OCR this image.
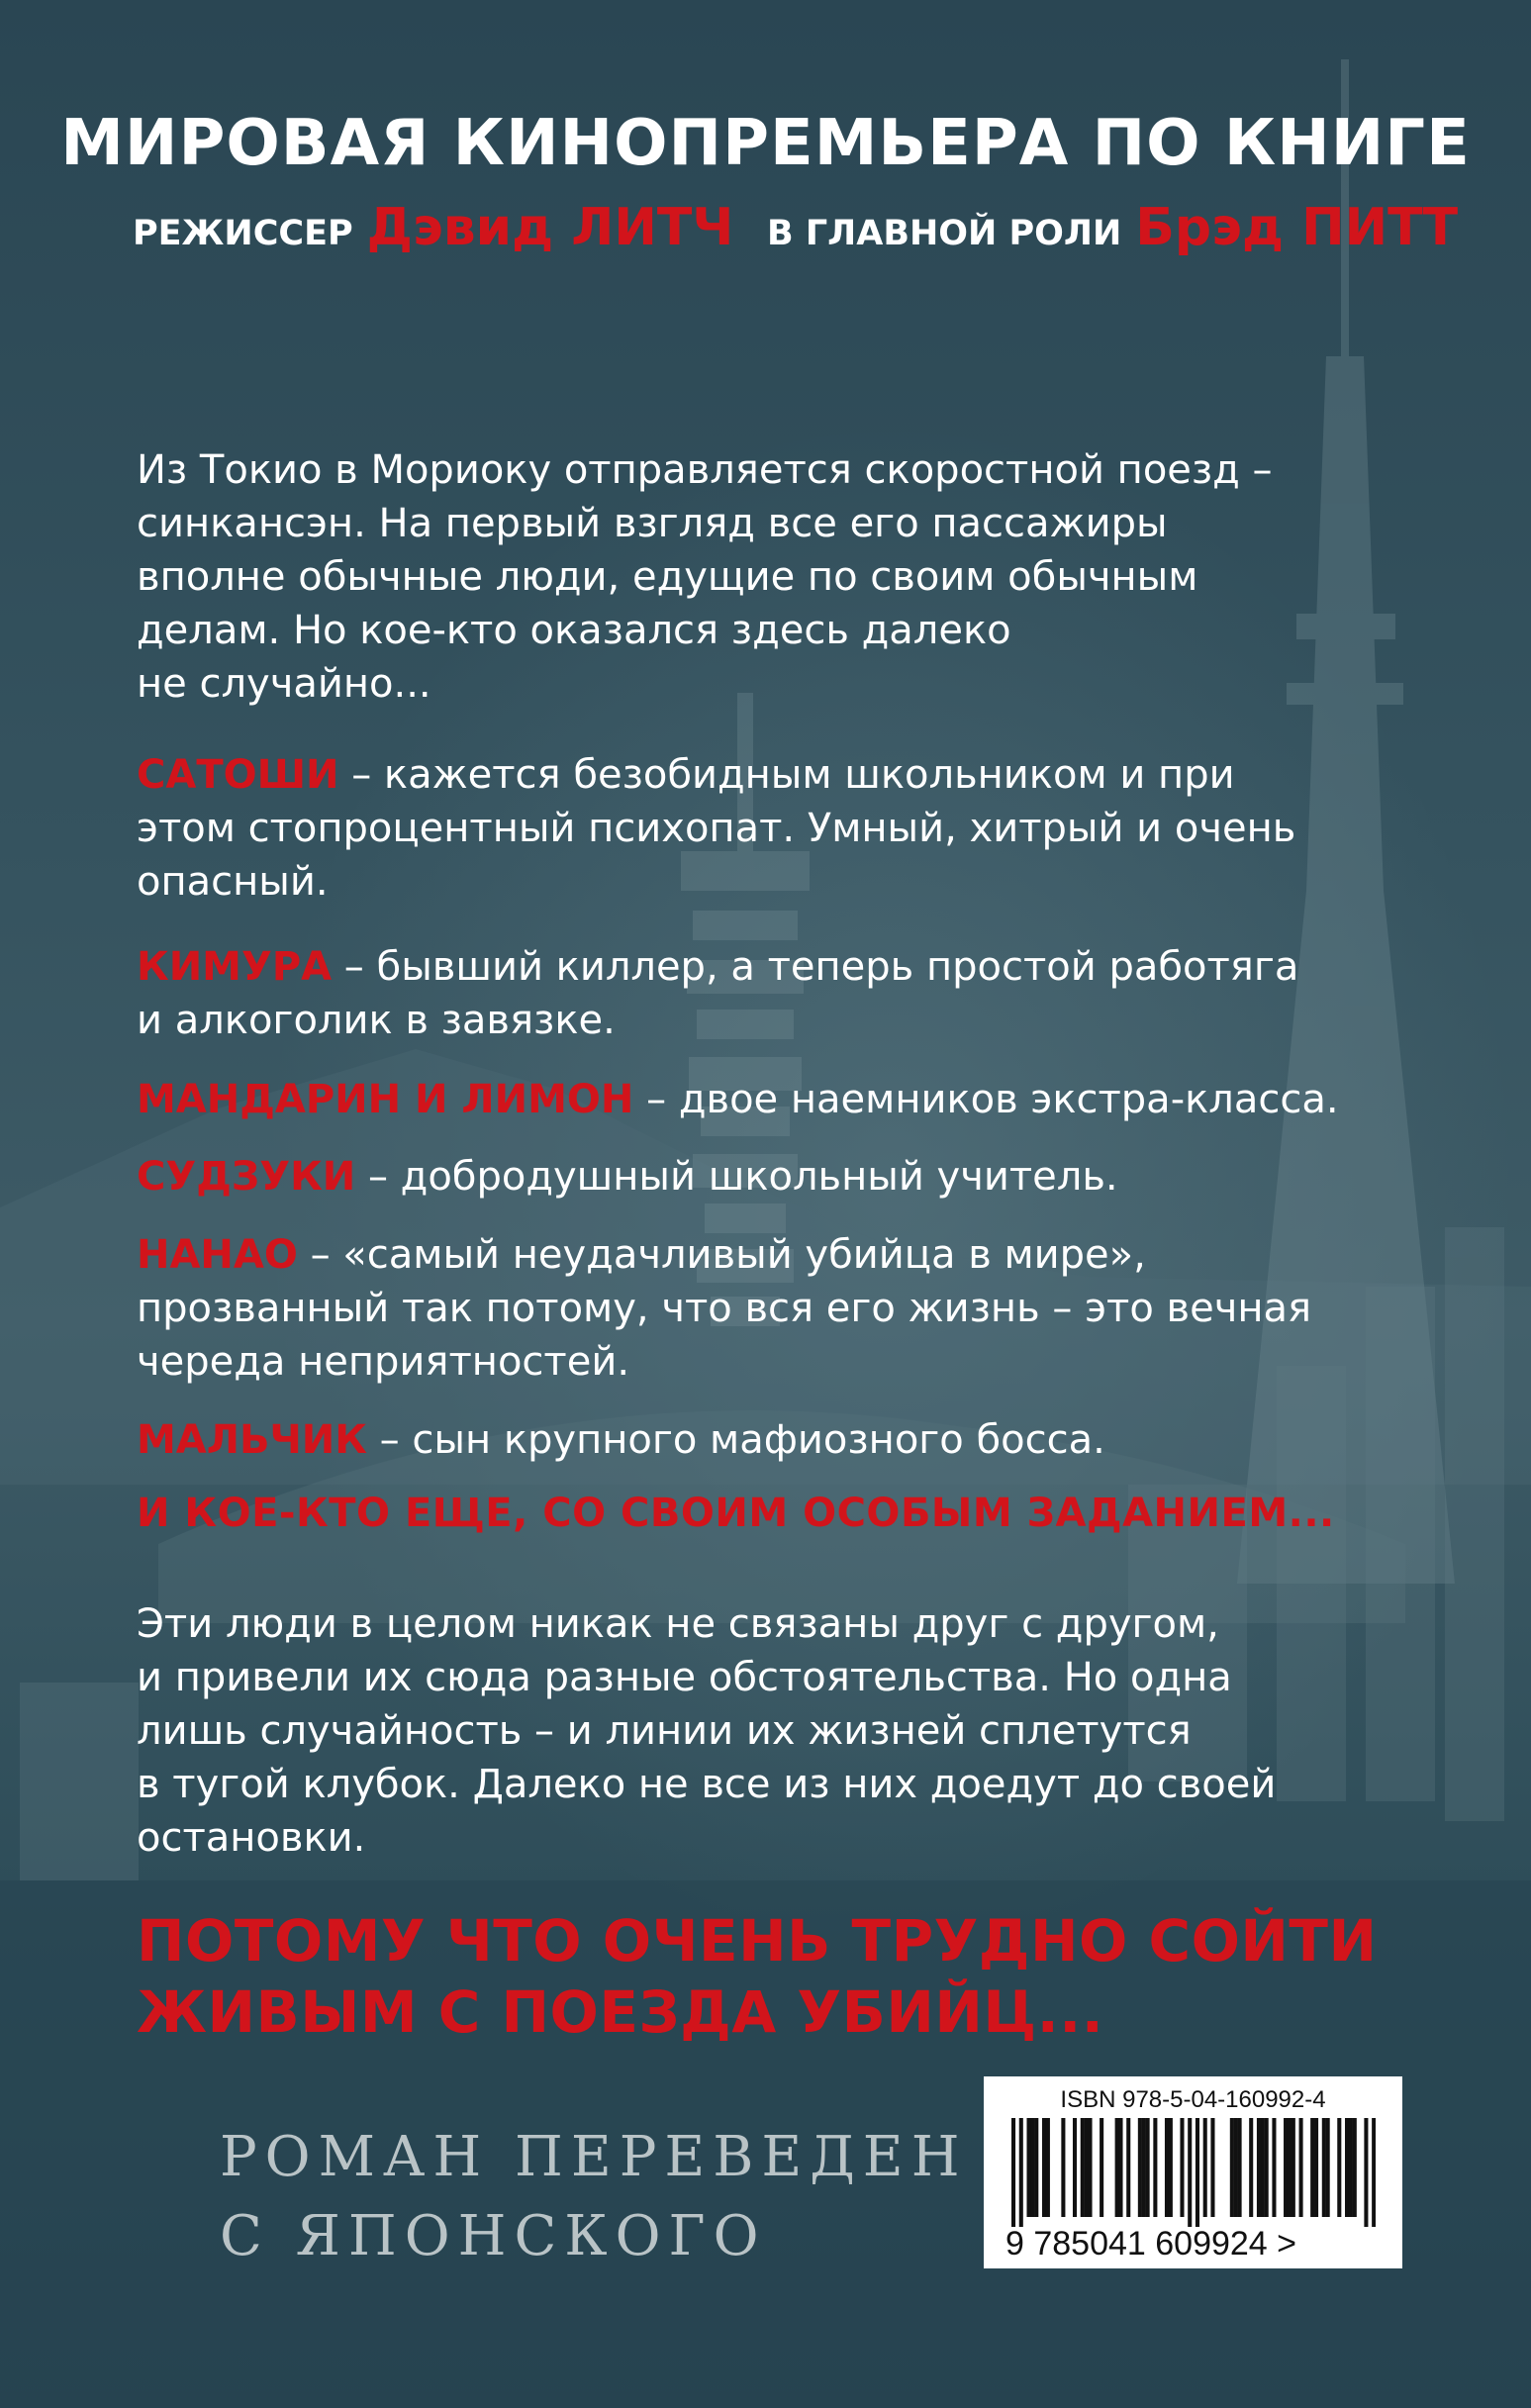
МИРОВАЯ КИНОПРЕМЬЕРА ПО КНИГЕ
РЕЖИССЕР Дэвид ЛИТЧ В ГЛАВНОЙ РОЛИ Брэд ПИТТ
Из Токио в Мориоку отправляется скоростной поезд –
синкансэн. На первый взгляд все его пассажиры
вполне обычные люди, едущие по своим обычным
делам. Но кое-кто оказался здесь далеко
не случайно...
САТОШИ – кажется безобидным школьником и при
этом стопроцентный психопат. Умный, хитрый и очень
опасный.
КИМУРА – бывший киллер, а теперь простой работяга
и алкоголик в завязке.
МАНДАРИН И ЛИМОН – двое наемников экстра-класса.
СУДЗУКИ – добродушный школьный учитель.
НАНАО – «самый неудачливый убийца в мире»,
прозванный так потому, что вся его жизнь – это вечная
череда неприятностей.
МАЛЬЧИК – сын крупного мафиозного босса.
И КОЕ-КТО ЕЩЕ, СО СВОИМ ОСОБЫМ ЗАДАНИЕМ...
Эти люди в целом никак не связаны друг с другом,
и привели их сюда разные обстоятельства. Но одна
лишь случайность – и линии их жизней сплетутся
в тугой клубок. Далеко не все из них доедут до своей
остановки.
ПОТОМУ ЧТО ОЧЕНЬ ТРУДНО СОЙТИ
ЖИВЫМ С ПОЕЗДА УБИЙЦ...
РОМАН ПЕРЕВЕДЕН
С ЯПОНСКОГО
ISBN 978-5-04-160992-4
9 785041 609924 >
